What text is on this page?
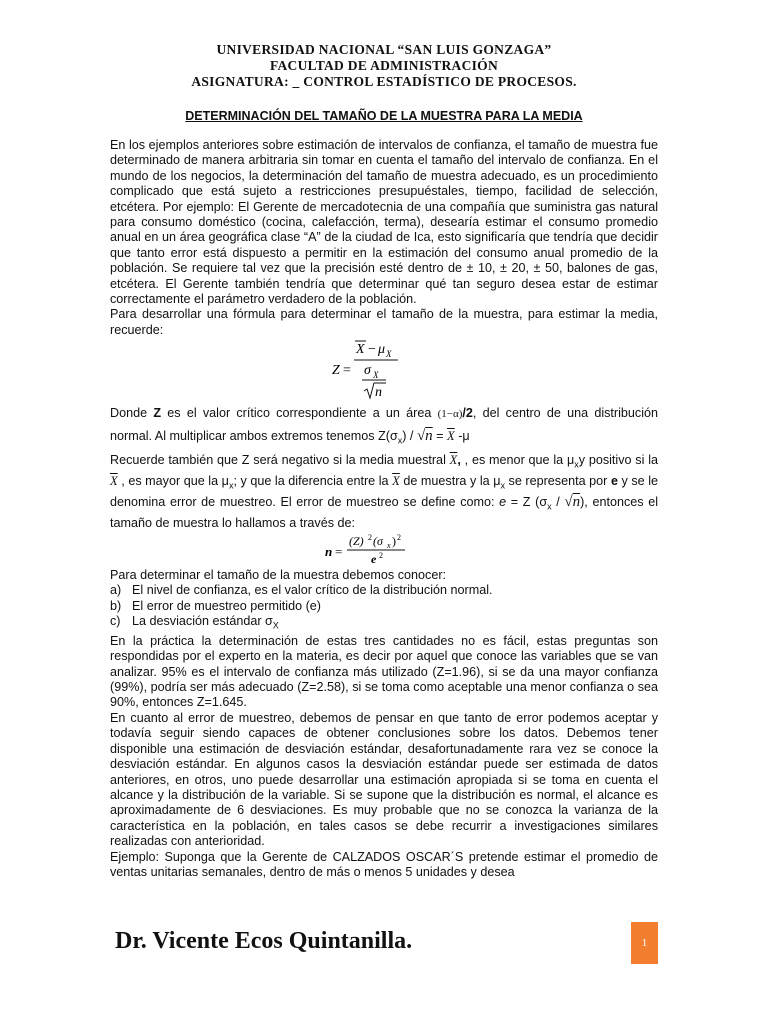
UNIVERSIDAD NACIONAL “SAN LUIS GONZAGA”
FACULTAD DE ADMINISTRACIÓN
ASIGNATURA: _ CONTROL ESTADÍSTICO DE PROCESOS.
DETERMINACIÓN DEL TAMAÑO DE LA MUESTRA PARA LA MEDIA

En los ejemplos anteriores sobre estimación de intervalos de confianza, el tamaño de muestra fue determinado de manera arbitraria sin tomar en cuenta el tamaño del intervalo de confianza. En el mundo de los negocios, la determinación del tamaño de muestra adecuado, es un procedimiento complicado que está sujeto a restricciones presupuéstales, tiempo, facilidad de selección, etcétera. Por ejemplo: El Gerente de mercadotecnia de una compañía que suministra gas natural para consumo doméstico (cocina, calefacción, terma), desearía estimar el consumo promedio anual en un área geográfica clase “A” de la ciudad de Ica, esto significaría que tendría que decidir que tanto error está dispuesto a permitir en la estimación del consumo anual promedio de la población. Se requiere tal vez que la precisión esté dentro de ± 10, ± 20, ± 50, balones de gas, etcétera. El Gerente también tendría que determinar qué tan seguro desea estar de estimar correctamente el parámetro verdadero de la población.

Para desarrollar una fórmula para determinar el tamaño de la muestra, para estimar la media, recuerde:

Z =
X − μ X
σ X
n

Donde Z es el valor crítico correspondiente a un área (1−α)/2, del centro de una distribución normal. Al multiplicar ambos extremos tenemos $Z(\sigma_x) / √n = \overline{X}$ -μ

Recuerde también que Z será negativo si la media muestral $\overline{X}$, , es menor que la $\mu_xy$ positivo si la $\overline{X}$ , es mayor que la $\mu_x$; y que la diferencia entre la $\overline{X}$ de muestra y la $\mu_x$ se representa por e y se le denomina error de muestreo. El error de muestreo se define como: e = Z $(\sigma_x / √n)$, entonces el tamaño de muestra lo hallamos a través de:

n =
(Z) 2 (σ x ) 2
e 2

Para determinar el tamaño de la muestra debemos conocer:

a) El nivel de confianza, es el valor crítico de la distribución normal.
b) El error de muestreo permitido (e)
c) La desviación estándar $\sigma_X$

En la práctica la determinación de estas tres cantidades no es fácil, estas preguntas son respondidas por el experto en la materia, es decir por aquel que conoce las variables que se van analizar. 95% es el intervalo de confianza más utilizado (Z=1.96), si se da una mayor confianza (99%), podría ser más adecuado (Z=2.58), si se toma como aceptable una menor confianza o sea 90%, entonces Z=1.645.

En cuanto al error de muestreo, debemos de pensar en que tanto de error podemos aceptar y todavía seguir siendo capaces de obtener conclusiones sobre los datos. Debemos tener disponible una estimación de desviación estándar, desafortunadamente rara vez se conoce la desviación estándar. En algunos casos la desviación estándar puede ser estimada de datos anteriores, en otros, uno puede desarrollar una estimación apropiada si se toma en cuenta el alcance y la distribución de la variable. Si se supone que la distribución es normal, el alcance es aproximadamente de 6 desviaciones. Es muy probable que no se conozca la varianza de la característica en la población, en tales casos se debe recurrir a investigaciones similares realizadas con anterioridad.

Ejemplo: Suponga que la Gerente de CALZADOS OSCAR´S pretende estimar el promedio de ventas unitarias semanales, dentro de más o menos 5 unidades y desea

Dr. Vicente Ecos Quintanilla.	1
